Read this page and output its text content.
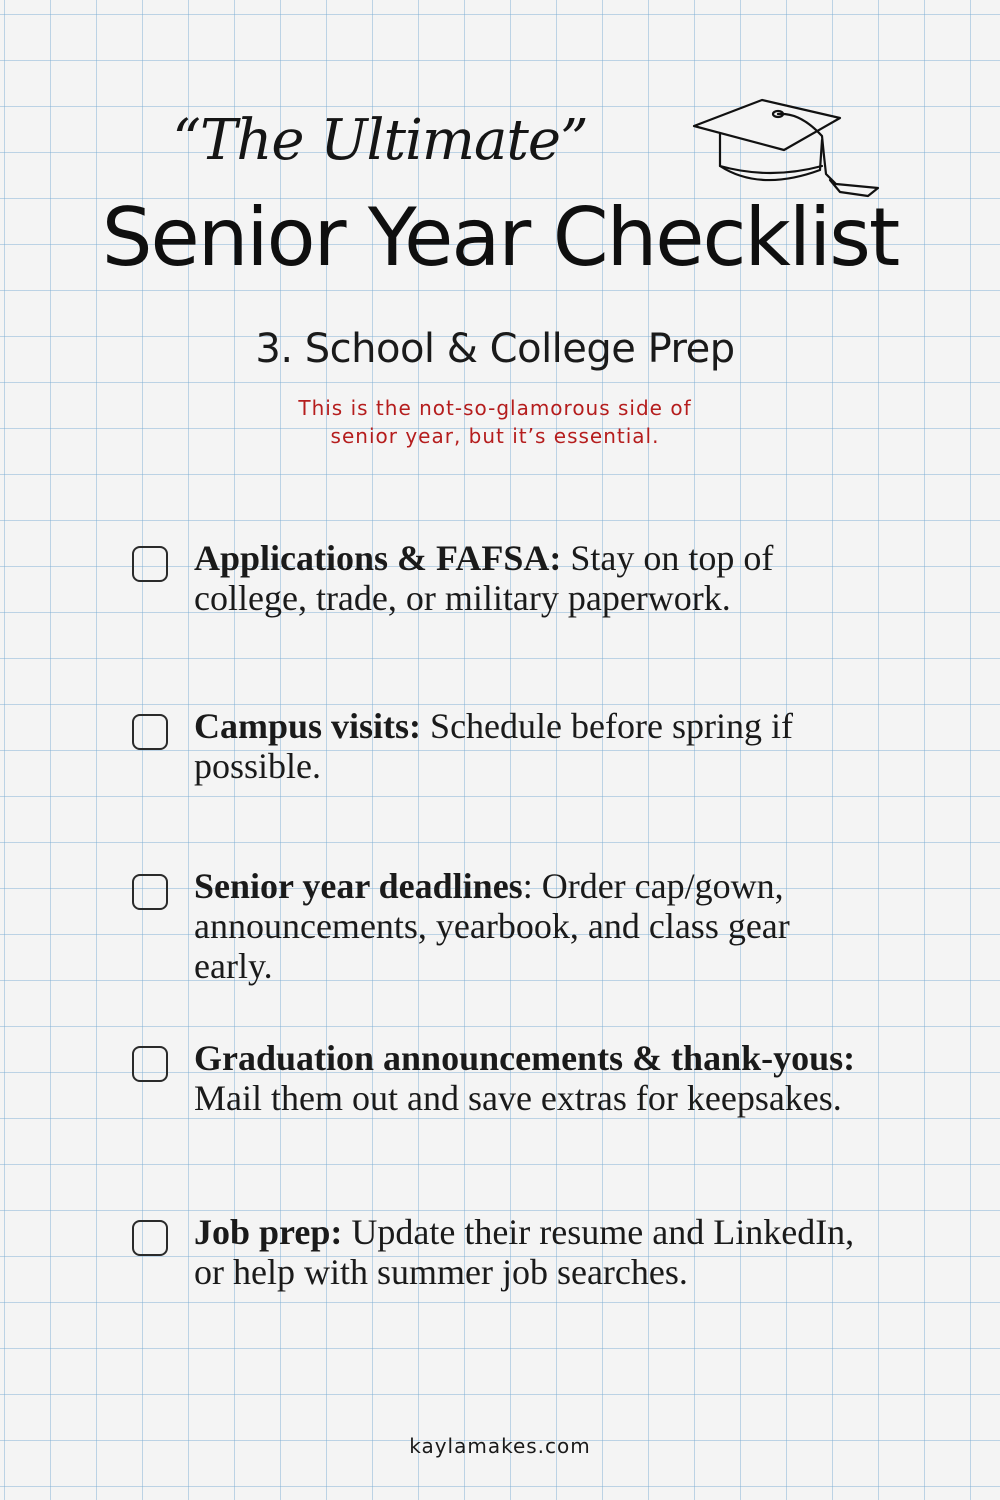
“The Ultimate”
Senior Year Checklist
3. School & College Prep
This is the not-so-glamorous side of
senior year, but it’s essential.
Applications & FAFSA: Stay on top of college, trade, or military paperwork.
Campus visits: Schedule before spring if possible.
Senior year deadlines: Order cap/gown, announcements, yearbook, and class gear early.
Graduation announcements & thank-yous: Mail them out and save extras for keepsakes.
Job prep: Update their resume and LinkedIn, or help with summer job searches.
kaylamakes.com
